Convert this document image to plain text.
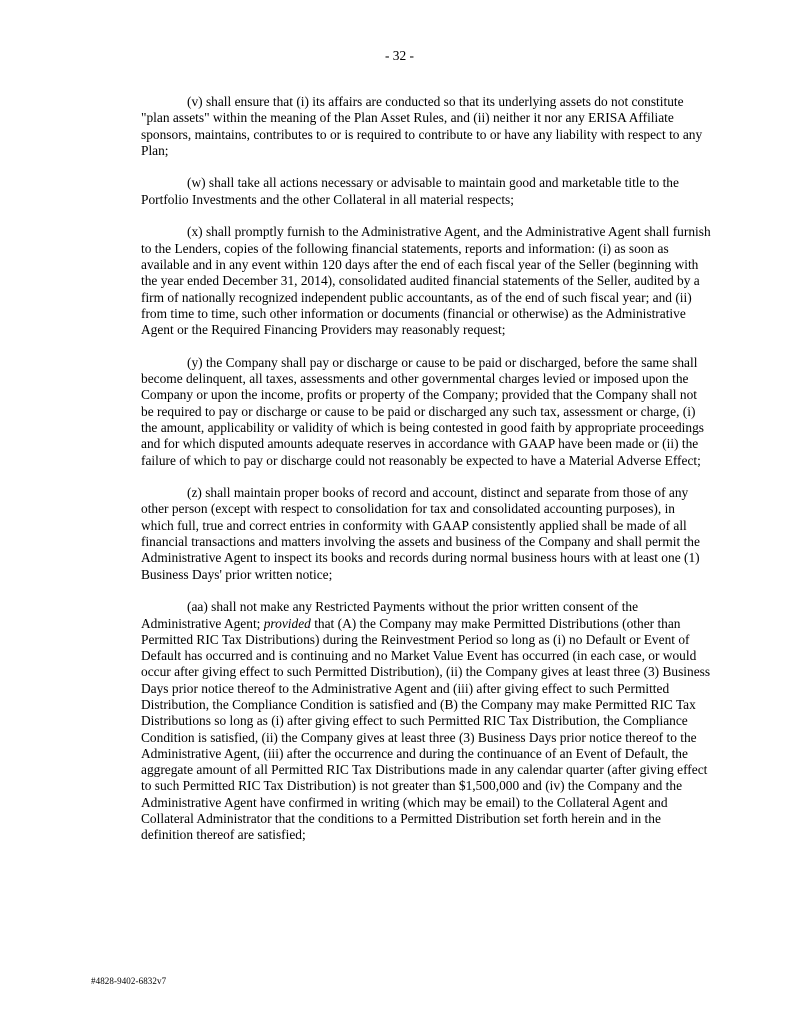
- 32 -

(v) shall ensure that (i) its affairs are conducted so that its underlying assets do not constitute "plan assets" within the meaning of the Plan Asset Rules, and (ii) neither it nor any ERISA Affiliate sponsors, maintains, contributes to or is required to contribute to or have any liability with respect to any Plan;

(w) shall take all actions necessary or advisable to maintain good and marketable title to the Portfolio Investments and the other Collateral in all material respects;

(x) shall promptly furnish to the Administrative Agent, and the Administrative Agent shall furnish to the Lenders, copies of the following financial statements, reports and information: (i) as soon as available and in any event within 120 days after the end of each fiscal year of the Seller (beginning with the year ended December 31, 2014), consolidated audited financial statements of the Seller, audited by a firm of nationally recognized independent public accountants, as of the end of such fiscal year; and (ii) from time to time, such other information or documents (financial or otherwise) as the Administrative Agent or the Required Financing Providers may reasonably request;

(y) the Company shall pay or discharge or cause to be paid or discharged, before the same shall become delinquent, all taxes, assessments and other governmental charges levied or imposed upon the Company or upon the income, profits or property of the Company; provided that the Company shall not be required to pay or discharge or cause to be paid or discharged any such tax, assessment or charge, (i) the amount, applicability or validity of which is being contested in good faith by appropriate proceedings and for which disputed amounts adequate reserves in accordance with GAAP have been made or (ii) the failure of which to pay or discharge could not reasonably be expected to have a Material Adverse Effect;

(z) shall maintain proper books of record and account, distinct and separate from those of any other person (except with respect to consolidation for tax and consolidated accounting purposes), in which full, true and correct entries in conformity with GAAP consistently applied shall be made of all financial transactions and matters involving the assets and business of the Company and shall permit the Administrative Agent to inspect its books and records during normal business hours with at least one (1) Business Days' prior written notice;

(aa) shall not make any Restricted Payments without the prior written consent of the Administrative Agent; provided that (A) the Company may make Permitted Distributions (other than Permitted RIC Tax Distributions) during the Reinvestment Period so long as (i) no Default or Event of Default has occurred and is continuing and no Market Value Event has occurred (in each case, or would occur after giving effect to such Permitted Distribution), (ii) the Company gives at least three (3) Business Days prior notice thereof to the Administrative Agent and (iii) after giving effect to such Permitted Distribution, the Compliance Condition is satisfied and (B) the Company may make Permitted RIC Tax Distributions so long as (i) after giving effect to such Permitted RIC Tax Distribution, the Compliance Condition is satisfied, (ii) the Company gives at least three (3) Business Days prior notice thereof to the Administrative Agent, (iii) after the occurrence and during the continuance of an Event of Default, the aggregate amount of all Permitted RIC Tax Distributions made in any calendar quarter (after giving effect to such Permitted RIC Tax Distribution) is not greater than $1,500,000 and (iv) the Company and the Administrative Agent have confirmed in writing (which may be email) to the Collateral Agent and Collateral Administrator that the conditions to a Permitted Distribution set forth herein and in the definition thereof are satisfied;

#4828-9402-6832v7
